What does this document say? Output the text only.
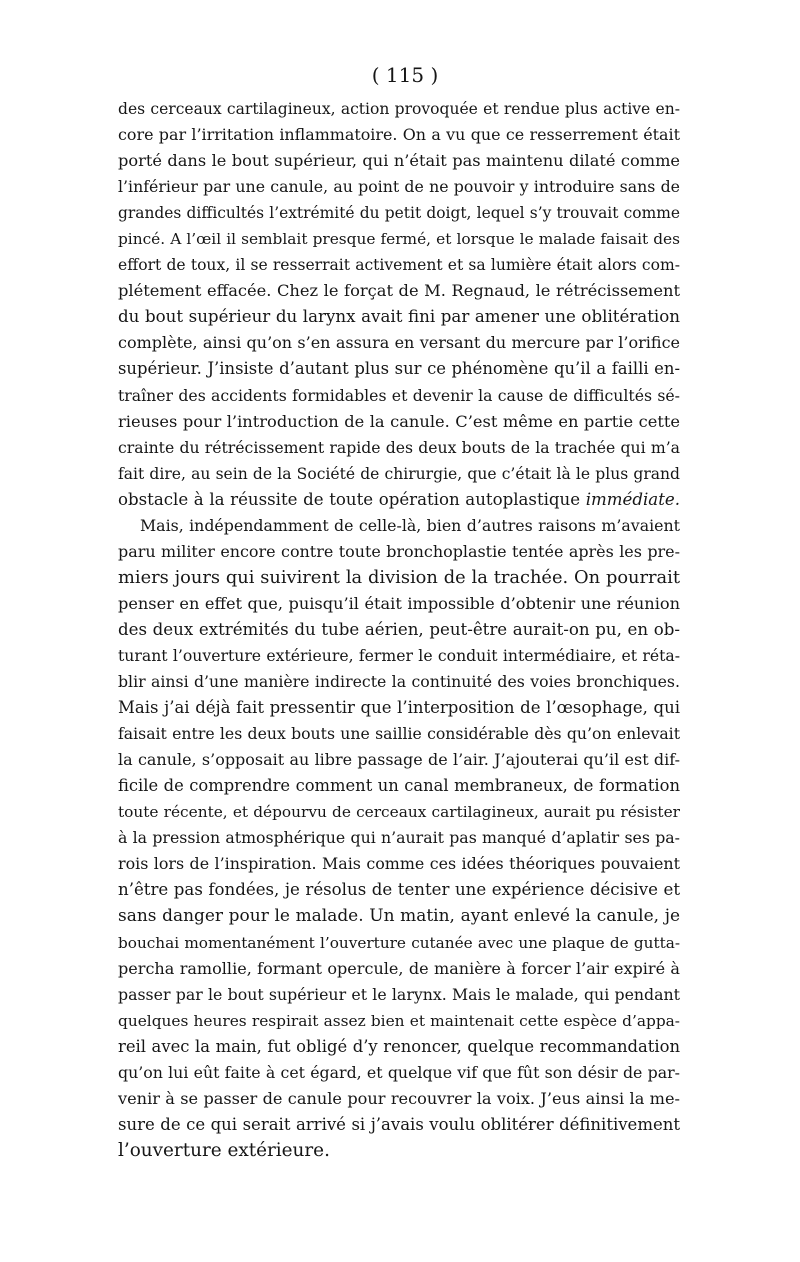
( 115 )
des cerceaux cartilagineux, action provoquée et rendue plus active en-
core par l’irritation inflammatoire. On a vu que ce resserrement était
porté dans le bout supérieur, qui n’était pas maintenu dilaté comme
l’inférieur par une canule, au point de ne pouvoir y introduire sans de
grandes difficultés l’extrémité du petit doigt, lequel s’y trouvait comme
pincé. A l’œil il semblait presque fermé, et lorsque le malade faisait des
effort de toux, il se resserrait activement et sa lumière était alors com-
plétement effacée. Chez le forçat de M. Regnaud, le rétrécissement
du bout supérieur du larynx avait fini par amener une oblitération
complète, ainsi qu’on s’en assura en versant du mercure par l’orifice
supérieur. J’insiste d’autant plus sur ce phénomène qu’il a failli en-
traîner des accidents formidables et devenir la cause de difficultés sé-
rieuses pour l’introduction de la canule. C’est même en partie cette
crainte du rétrécissement rapide des deux bouts de la trachée qui m’a
fait dire, au sein de la Société de chirurgie, que c’était là le plus grand
obstacle à la réussite de toute opération autoplastique immédiate.
Mais, indépendamment de celle-là, bien d’autres raisons m’avaient
paru militer encore contre toute bronchoplastie tentée après les pre-
miers jours qui suivirent la division de la trachée. On pourrait
penser en effet que, puisqu’il était impossible d’obtenir une réunion
des deux extrémités du tube aérien, peut-être aurait-on pu, en ob-
turant l’ouverture extérieure, fermer le conduit intermédiaire, et réta-
blir ainsi d’une manière indirecte la continuité des voies bronchiques.
Mais j’ai déjà fait pressentir que l’interposition de l’œsophage, qui
faisait entre les deux bouts une saillie considérable dès qu’on enlevait
la canule, s’opposait au libre passage de l’air. J’ajouterai qu’il est dif-
ficile de comprendre comment un canal membraneux, de formation
toute récente, et dépourvu de cerceaux cartilagineux, aurait pu résister
à la pression atmosphérique qui n’aurait pas manqué d’aplatir ses pa-
rois lors de l’inspiration. Mais comme ces idées théoriques pouvaient
n’être pas fondées, je résolus de tenter une expérience décisive et
sans danger pour le malade. Un matin, ayant enlevé la canule, je
bouchai momentanément l’ouverture cutanée avec une plaque de gutta-
percha ramollie, formant opercule, de manière à forcer l’air expiré à
passer par le bout supérieur et le larynx. Mais le malade, qui pendant
quelques heures respirait assez bien et maintenait cette espèce d’appa-
reil avec la main, fut obligé d’y renoncer, quelque recommandation
qu’on lui eût faite à cet égard, et quelque vif que fût son désir de par-
venir à se passer de canule pour recouvrer la voix. J’eus ainsi la me-
sure de ce qui serait arrivé si j’avais voulu oblitérer définitivement
l’ouverture extérieure.
